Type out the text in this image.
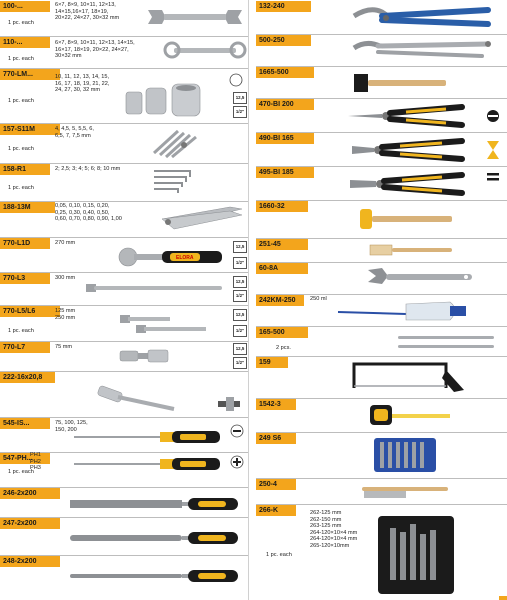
100-...	6×7, 8×9, 10×11, 12×13,
14×15,16×17, 18×19,
20×22, 24×27, 30×32 mm
1 pc. each
110-...	6×7, 8×9, 10×11, 12×13, 14×15,
16×17, 18×19, 20×22, 24×27,
30×32 mm
1 pc. each
770-LM...	10, 11, 12, 13, 14, 15,
16, 17, 18, 19, 21, 22,
24, 27, 30, 32 mm
1 pc. each
12,5
1/2"
157-S11M	4, 4,5, 5, 5,5, 6,
6,5, 7, 7,5 mm
1 pc. each
158-R1	2; 2,5; 3; 4; 5; 6; 8; 10 mm
1 pc. each
188-13M	0,05, 0,10, 0,15, 0,20,
0,25, 0,30, 0,40, 0,50,
0,60, 0,70, 0,80, 0,90, 1,00
770-L1D	270 mm
ELORA
12,5
1/2"
770-L3	300 mm
12,5
1/2"
770-L5/L6	125 mm
250 mm
1 pc. each
12,5
1/2"
770-L7	75 mm	12,5
1/2"
222-16x20,8
545-IS...	75, 100, 125,
150, 200
547-PH...
PH1
PH2
PH3
1 pc. each
246-2x200
247-2x200
248-2x200
132-240
500-250
1665-500
470-BI 200
490-BI 165
495-BI 185
1660-32
251-45
60-8A
242KM-250	250 ml
165-500
2 pcs.
159
1542-3
249 S6
250-4
266-K	262-125 mm
262-150 mm
263-125 mm
264-120×10×4 mm
264-120×10×4 mm
265-120×10mm
1 pc. each
